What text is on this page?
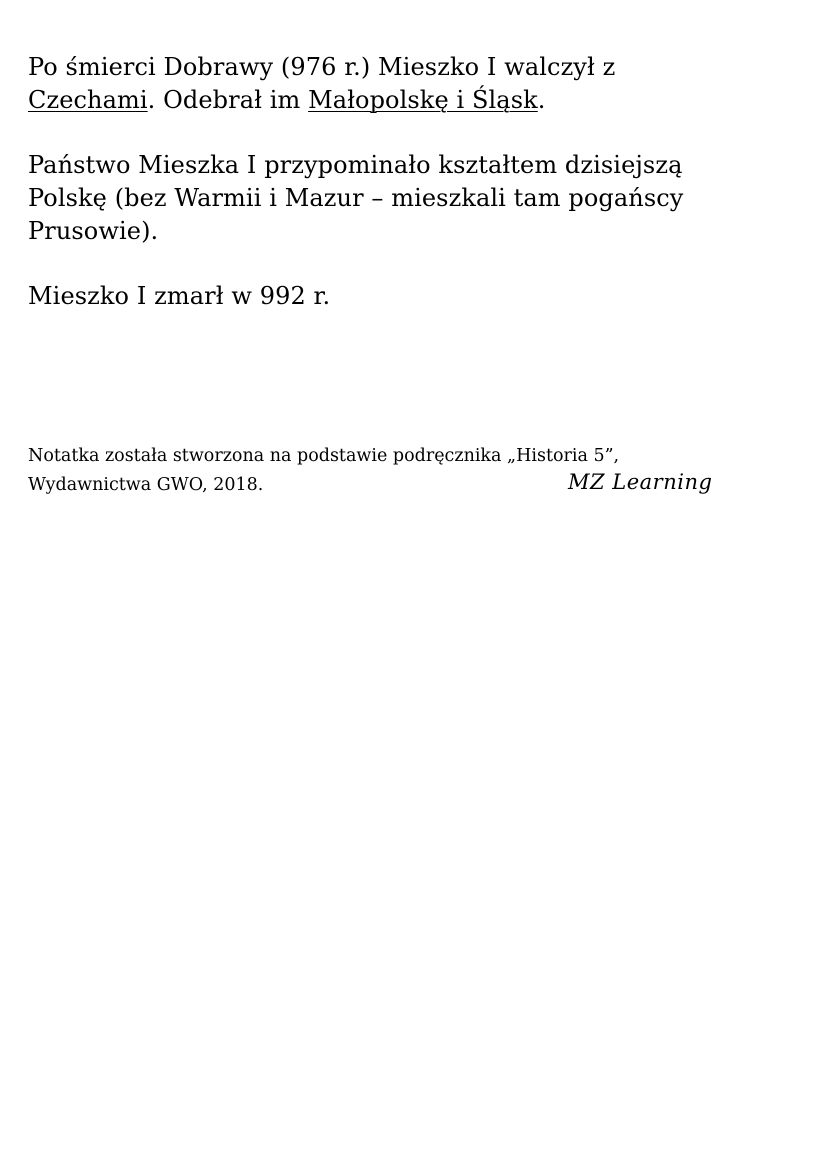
Po śmierci Dobrawy (976 r.) Mieszko I walczył z
Czechami. Odebrał im Małopolskę i Śląsk.
Państwo Mieszka I przypominało kształtem dzisiejszą
Polskę (bez Warmii i Mazur – mieszkali tam pogańscy
Prusowie).
Mieszko I zmarł w 992 r.
Notatka została stworzona na podstawie podręcznika „Historia 5”,
Wydawnictwa GWO, 2018.	MZ Learning
